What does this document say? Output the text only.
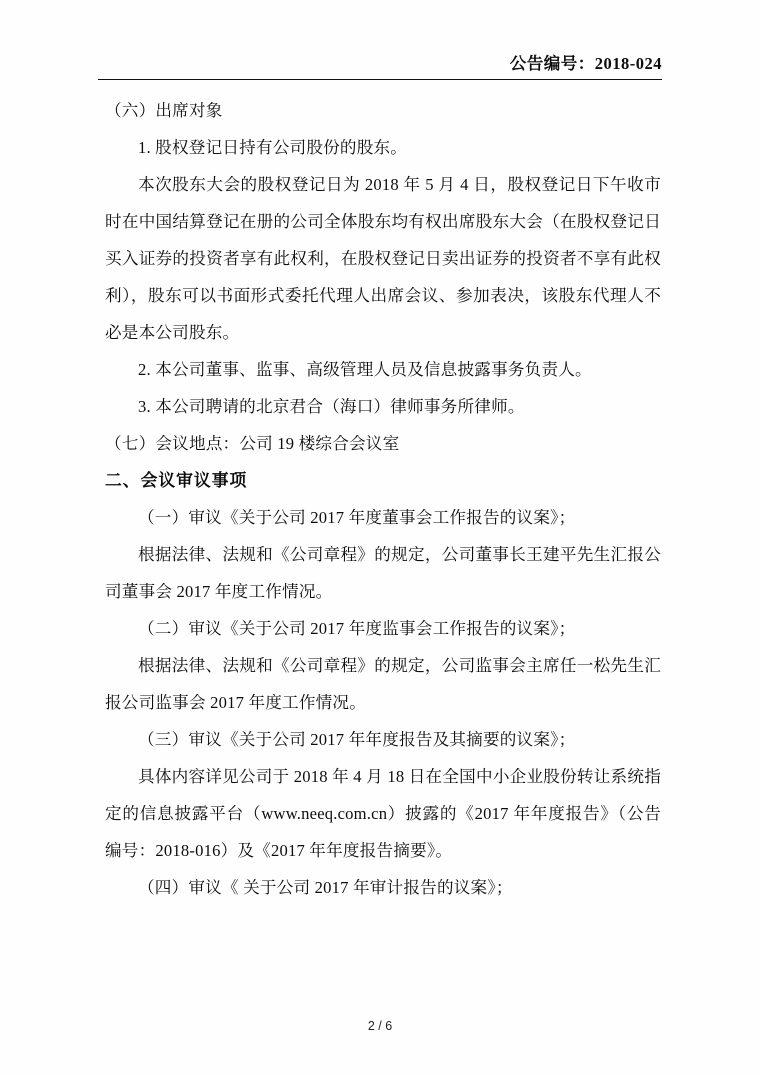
公告编号：2018-024

（六）出席对象

1. 股权登记日持有公司股份的股东。

本次股东大会的股权登记日为 2018 年 5 月 4 日，股权登记日下午收市时在中国结算登记在册的公司全体股东均有权出席股东大会（在股权登记日买入证券的投资者享有此权利，在股权登记日卖出证券的投资者不享有此权利），股东可以书面形式委托代理人出席会议、参加表决，该股东代理人不必是本公司股东。

2. 本公司董事、监事、高级管理人员及信息披露事务负责人。

3. 本公司聘请的北京君合（海口）律师事务所律师。

（七）会议地点：公司 19 楼综合会议室

二、会议审议事项

（一）审议《关于公司 2017 年度董事会工作报告的议案》；

根据法律、法规和《公司章程》的规定，公司董事长王建平先生汇报公司董事会 2017 年度工作情况。

（二）审议《关于公司 2017 年度监事会工作报告的议案》；

根据法律、法规和《公司章程》的规定，公司监事会主席任一松先生汇报公司监事会 2017 年度工作情况。

（三）审议《关于公司 2017 年年度报告及其摘要的议案》；

具体内容详见公司于 2018 年 4 月 18 日在全国中小企业股份转让系统指定的信息披露平台（www.neeq.com.cn）披露的《2017 年年度报告》（公告编号：2018-016）及《2017 年年度报告摘要》。

（四）审议《 关于公司 2017 年审计报告的议案》；

2 / 6
